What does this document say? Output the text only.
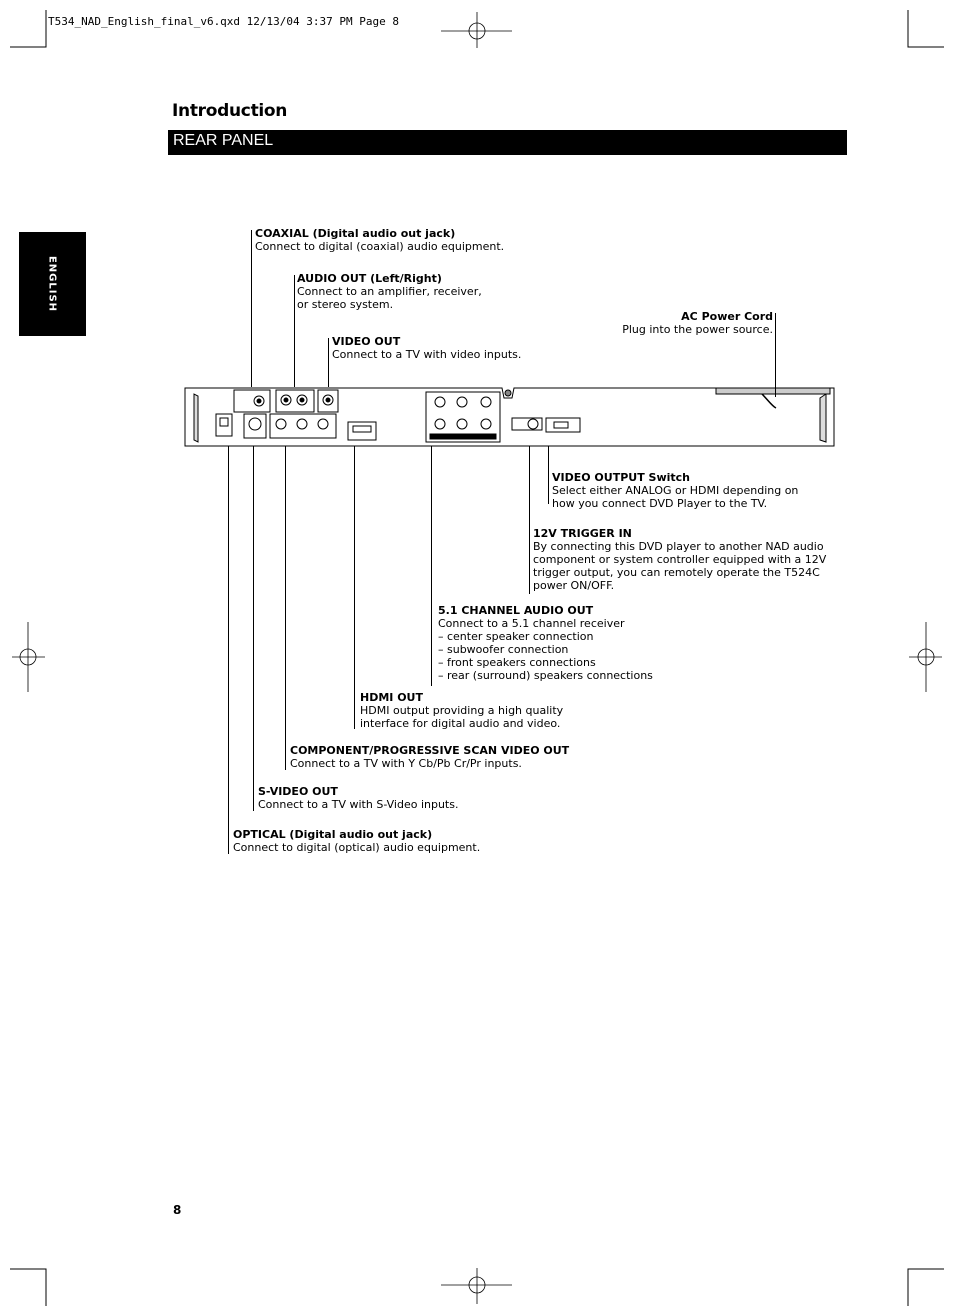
T534_NAD_English_final_v6.qxd 12/13/04 3:37 PM Page 8
Introduction
REAR PANEL
ENGLISH
COAXIAL (Digital audio out jack)
Connect to digital (coaxial) audio equipment.
AUDIO OUT (Left/Right)
Connect to an amplifier, receiver,
or stereo system.
VIDEO OUT
Connect to a TV with video inputs.
AC Power Cord
Plug into the power source.
VIDEO OUTPUT Switch
Select either ANALOG or HDMI depending on
how you connect DVD Player to the TV.
12V TRIGGER IN
By connecting this DVD player to another NAD audio
component or system controller equipped with a 12V
trigger output, you can remotely operate the T524C
power ON/OFF.
5.1 CHANNEL AUDIO OUT
Connect to a 5.1 channel receiver
– center speaker connection
– subwoofer connection
– front speakers connections
– rear (surround) speakers connections
HDMI OUT
HDMI output providing a high quality
interface for digital audio and video.
COMPONENT/PROGRESSIVE SCAN VIDEO OUT
Connect to a TV with Y Cb/Pb Cr/Pr inputs.
S-VIDEO OUT
Connect to a TV with S-Video inputs.
OPTICAL (Digital audio out jack)
Connect to digital (optical) audio equipment.
8
